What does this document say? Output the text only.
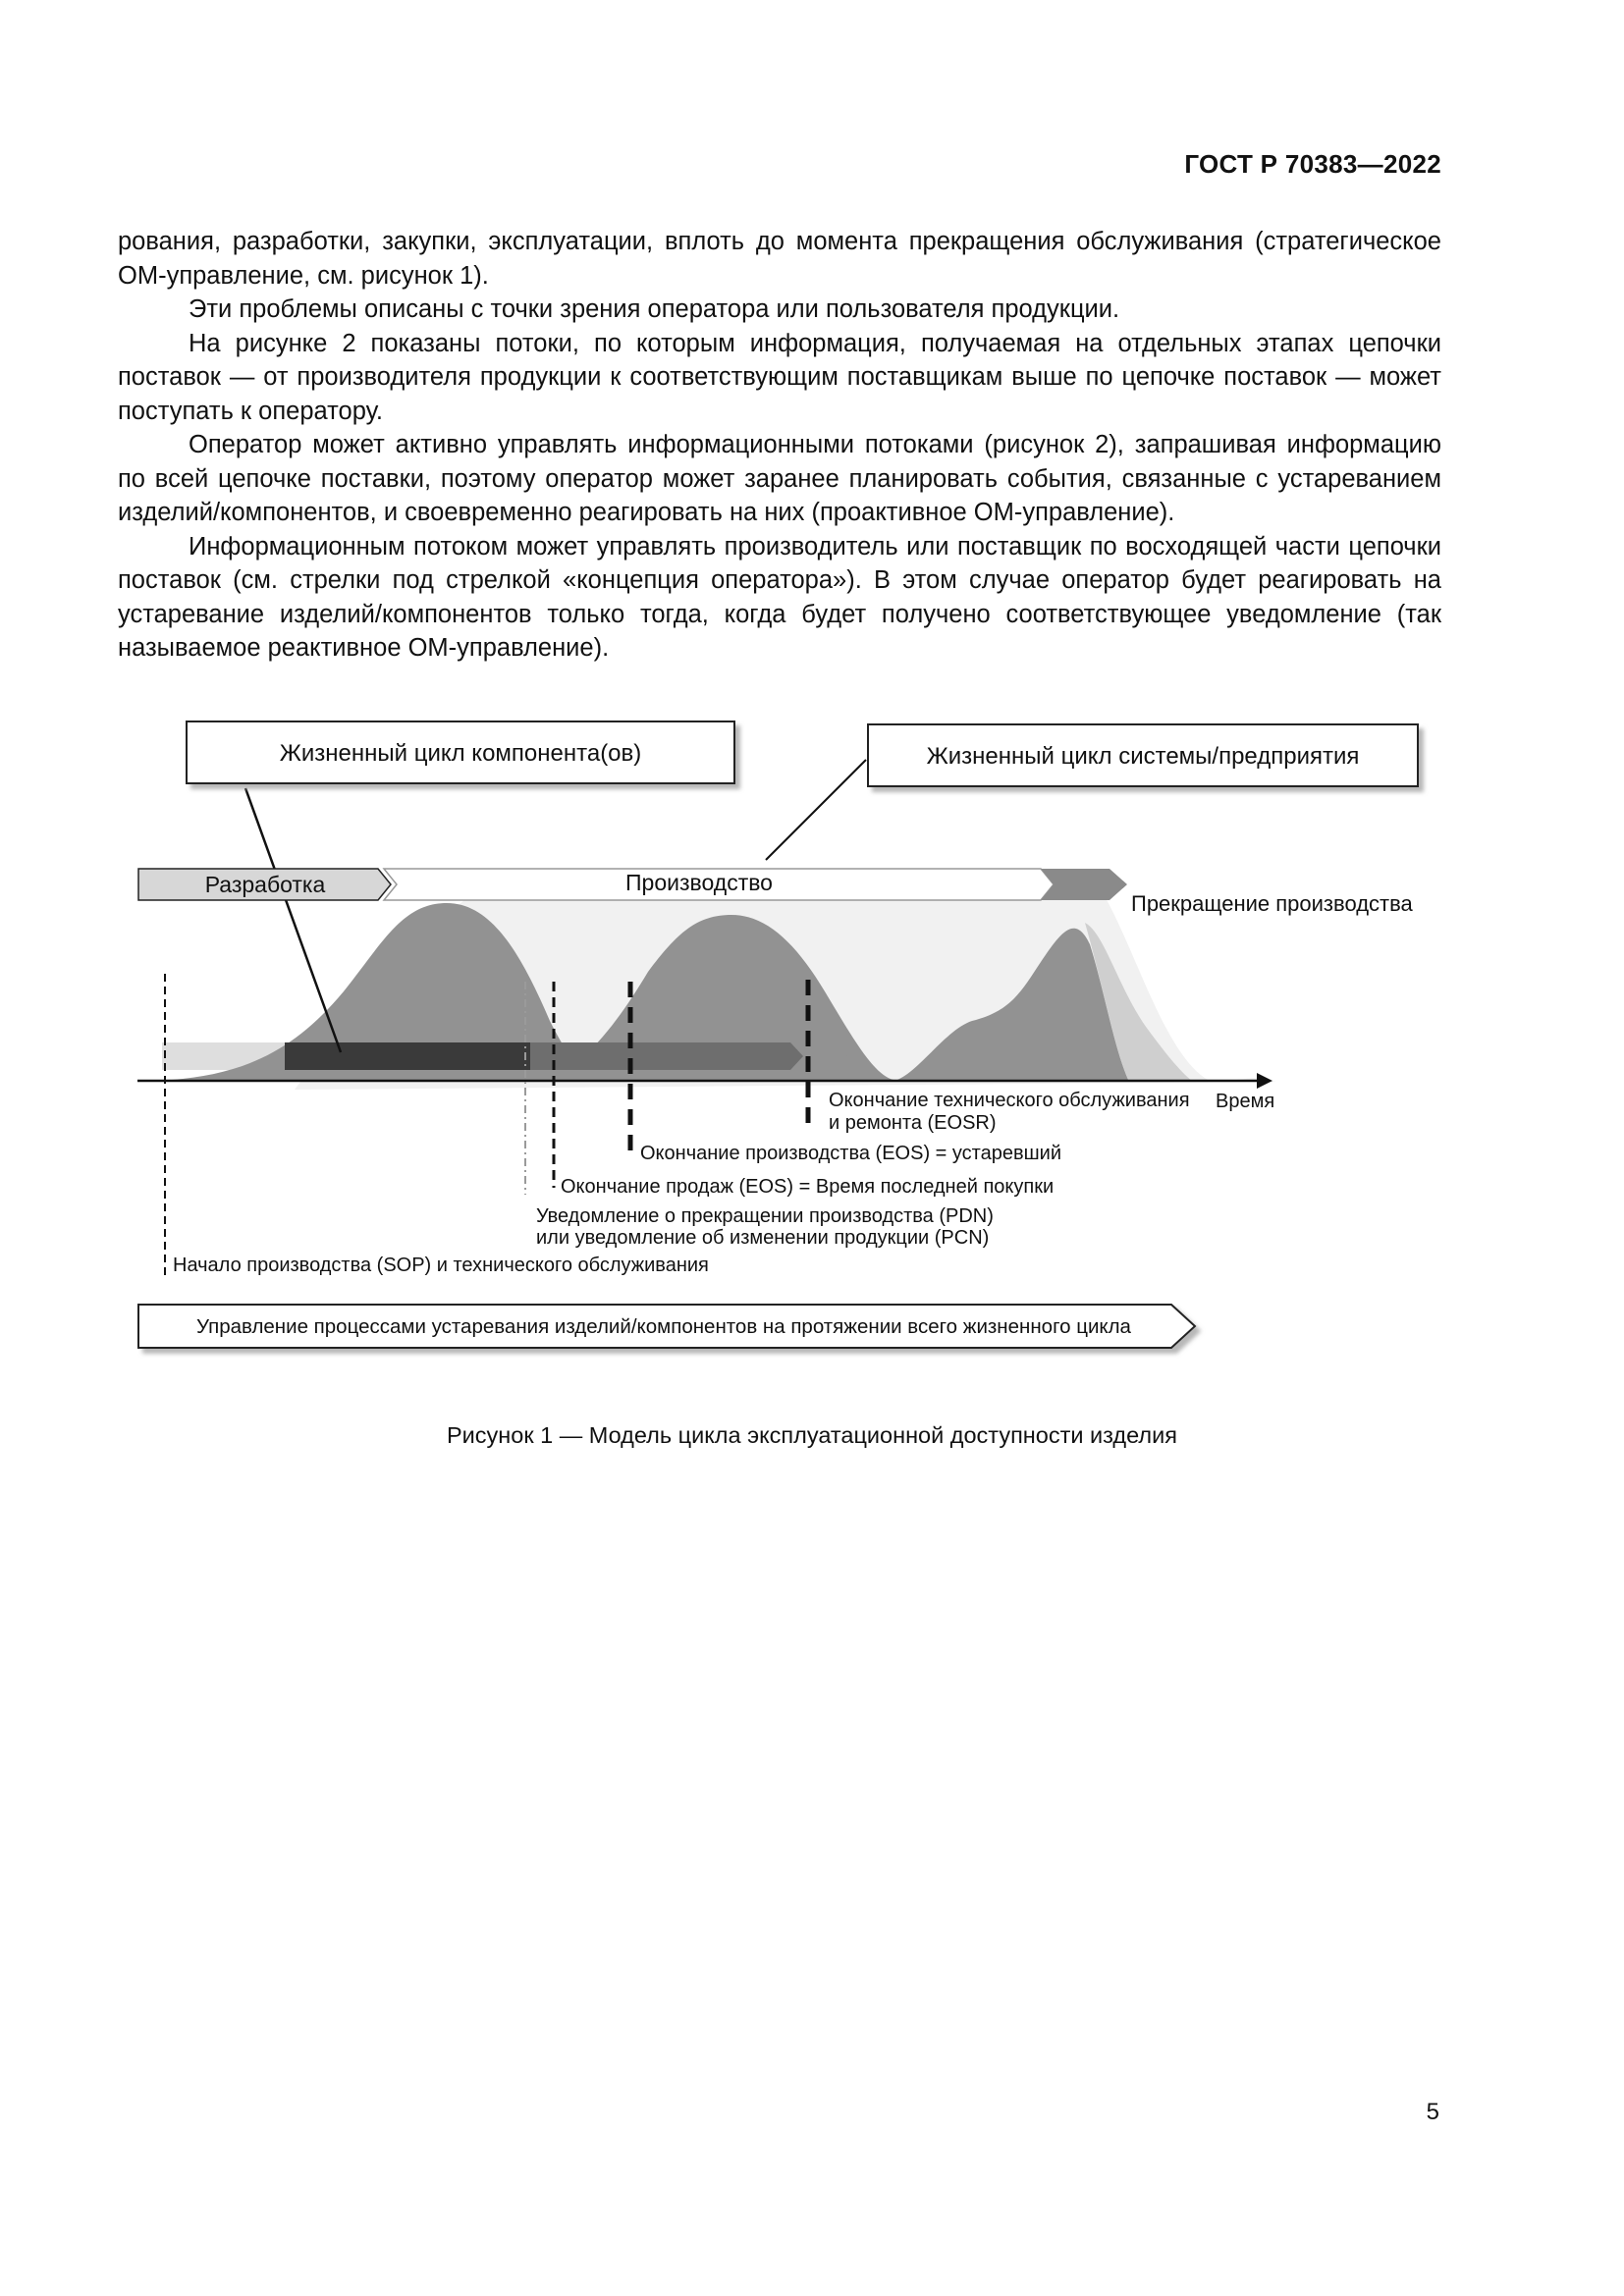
ГОСТ Р 70383—2022

рования, разработки, закупки, эксплуатации, вплоть до момента прекращения обслуживания (стратегическое ОМ-управление, см. рисунок 1).

Эти проблемы описаны с точки зрения оператора или пользователя продукции.

На рисунке 2 показаны потоки, по которым информация, получаемая на отдельных этапах цепочки поставок — от производителя продукции к соответствующим поставщикам выше по цепочке поставок — может поступать к оператору.

Оператор может активно управлять информационными потоками (рисунок 2), запрашивая информацию по всей цепочке поставки, поэтому оператор может заранее планировать события, связанные с устареванием изделий/компонентов, и своевременно реагировать на них (проактивное ОМ-управление).

Информационным потоком может управлять производитель или поставщик по восходящей части цепочки поставок (см. стрелки под стрелкой «концепция оператора»). В этом случае оператор будет реагировать на устаревание изделий/компонентов только тогда, когда будет получено соответствующее уведомление (так называемое реактивное ОМ-управление).

Жизненный цикл компонента(ов)	Жизненный цикл системы/предприятия
Разработка	Производство
Прекращение производства
Время
Окончание технического обслуживания
и ремонта (EOSR)
Окончание производства (EOS) = устаревший
Окончание продаж (EOS) = Время последней покупки
Уведомление о прекращении производства (PDN)
или уведомление об изменении продукции (PCN)
Начало производства (SOP) и технического обслуживания
Управление процессами устаревания изделий/компонентов на протяжении всего жизненного цикла
Рисунок 1 — Модель цикла эксплуатационной доступности изделия
5
